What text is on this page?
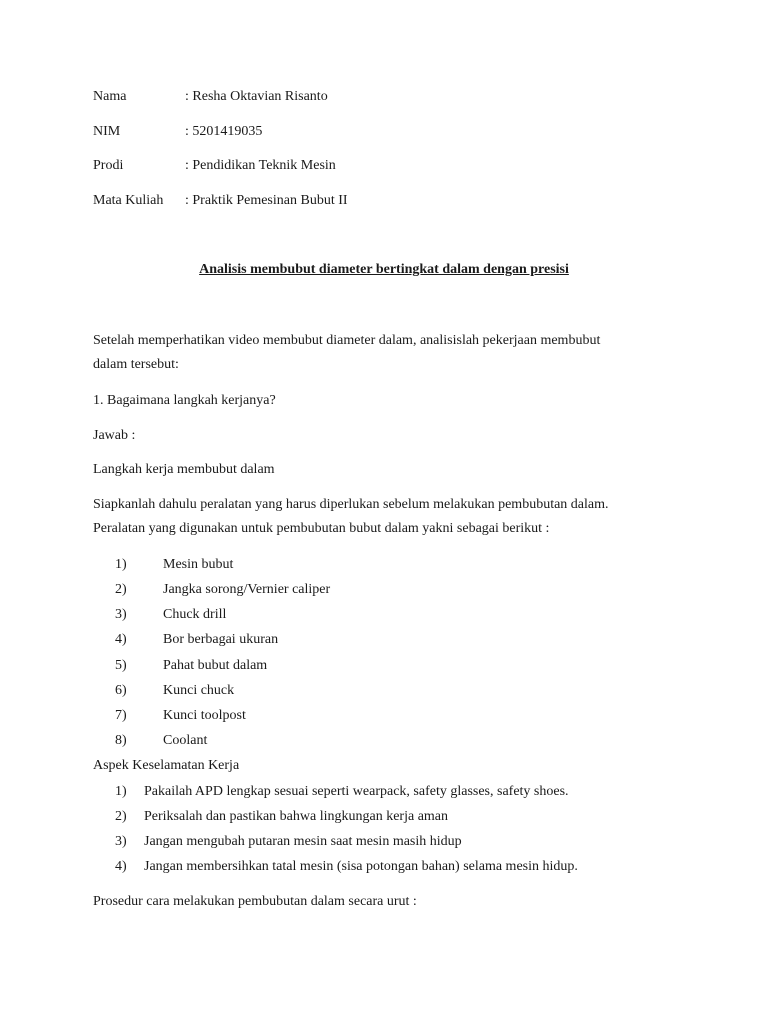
Nama	: Resha Oktavian Risanto
NIM	: 5201419035
Prodi	: Pendidikan Teknik Mesin
Mata Kuliah : Praktik Pemesinan Bubut II
Analisis membubut diameter bertingkat dalam dengan presisi
Setelah memperhatikan video membubut diameter dalam, analisislah pekerjaan membubut
dalam tersebut:
1. Bagaimana langkah kerjanya?
Jawab :
Langkah kerja membubut dalam
Siapkanlah dahulu peralatan yang harus diperlukan sebelum melakukan pembubutan dalam.
Peralatan yang digunakan untuk pembubutan bubut dalam yakni sebagai berikut :
1)	Mesin bubut
2)	Jangka sorong/Vernier caliper
3)	Chuck drill
4)	Bor berbagai ukuran
5)	Pahat bubut dalam
6)	Kunci chuck
7)	Kunci toolpost
8)	Coolant
Aspek Keselamatan Kerja
1) Pakailah APD lengkap sesuai seperti wearpack, safety glasses, safety shoes.
2) Periksalah dan pastikan bahwa lingkungan kerja aman
3) Jangan mengubah putaran mesin saat mesin masih hidup
4) Jangan membersihkan tatal mesin (sisa potongan bahan) selama mesin hidup.
Prosedur cara melakukan pembubutan dalam secara urut :
